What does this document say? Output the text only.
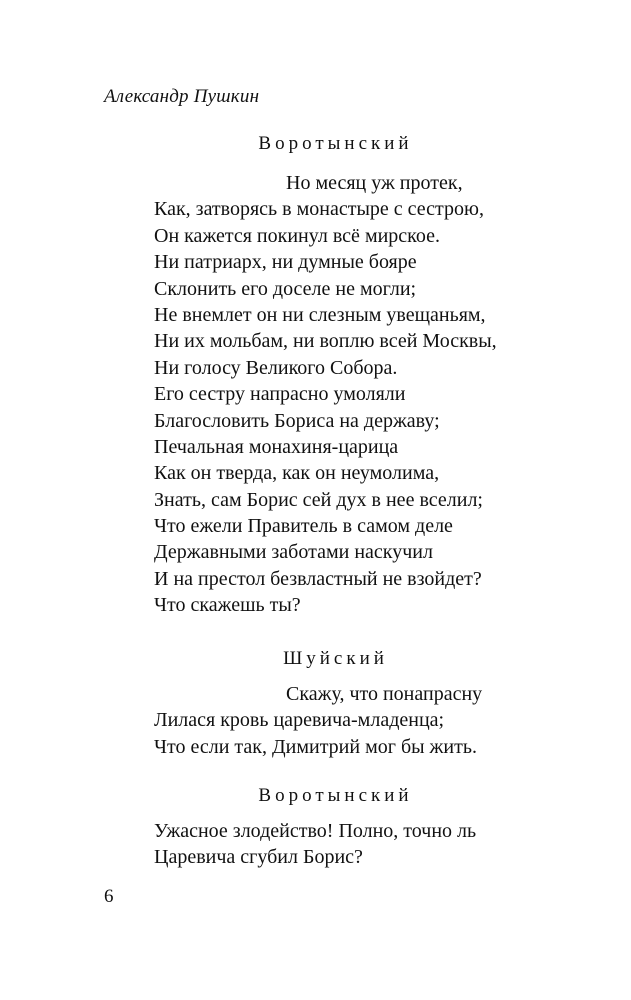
Александр Пушкин
Воротынский
Но месяц уж протек,
Как, затворясь в монастыре с сестрою,
Он кажется покинул всё мирское.
Ни патриарх, ни думные бояре
Склонить его доселе не могли;
Не внемлет он ни слезным увещаньям,
Ни их мольбам, ни воплю всей Москвы,
Ни голосу Великого Собора.
Его сестру напрасно умоляли
Благословить Бориса на державу;
Печальная монахиня-царица
Как он тверда, как он неумолима,
Знать, сам Борис сей дух в нее вселил;
Что ежели Правитель в самом деле
Державными заботами наскучил
И на престол безвластный не взойдет?
Что скажешь ты?
Шуйский
Скажу, что понапрасну
Лилася кровь царевича-младенца;
Что если так, Димитрий мог бы жить.
Воротынский
Ужасное злодейство! Полно, точно ль
Царевича сгубил Борис?
6
